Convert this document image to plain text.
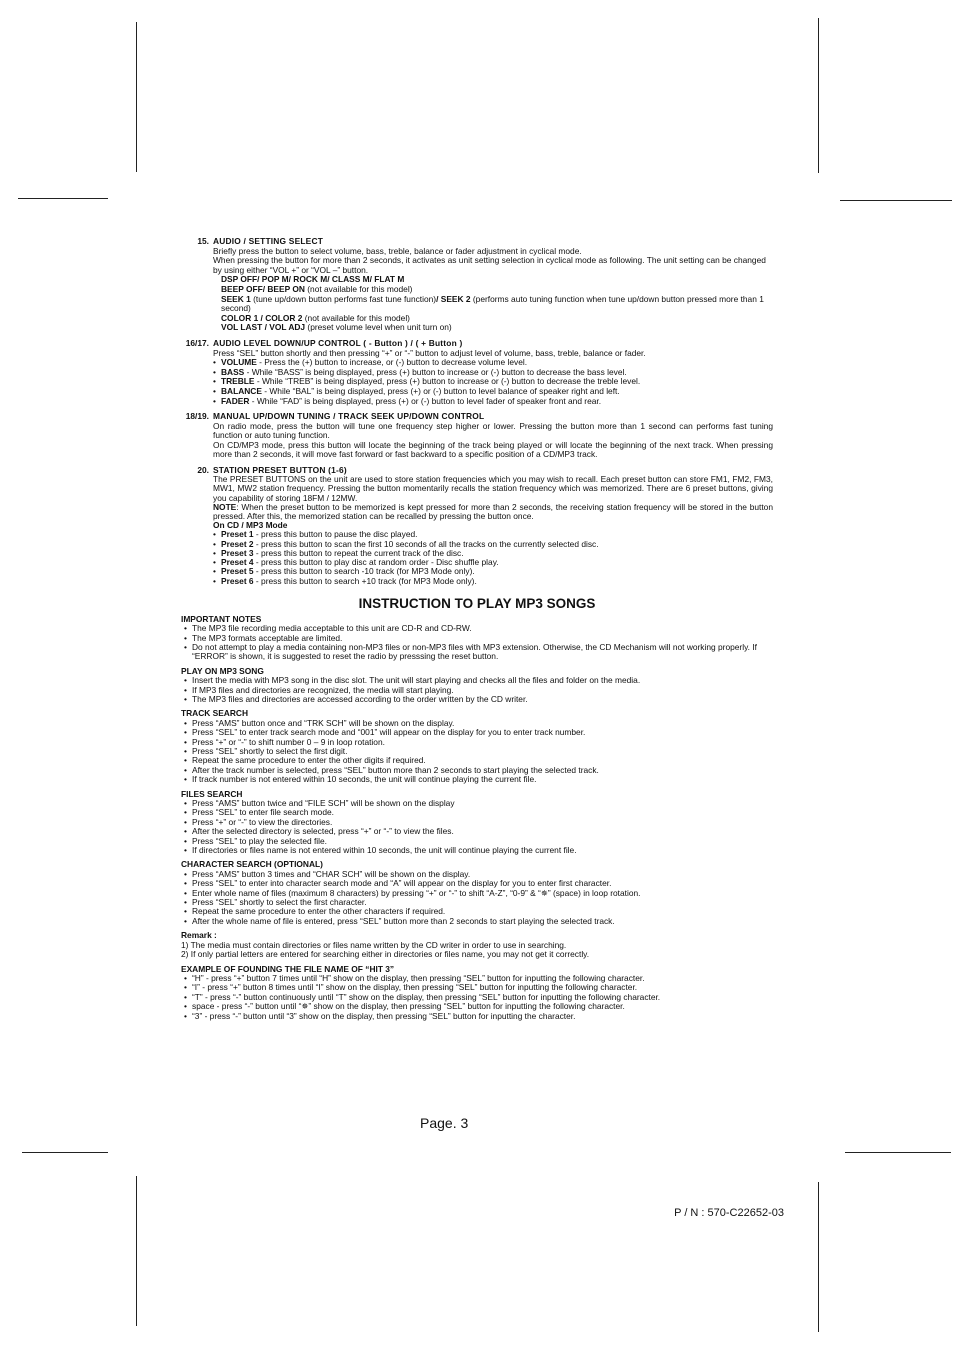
15. AUDIO / SETTING SELECT

Briefly press the button to select volume, bass, treble, balance or fader adjustment in cyclical mode.

When pressing the button for more than 2 seconds, it activates as unit setting selection in cyclical mode as following. The unit setting can be changed by using either “VOL +” or “VOL –” button.

DSP OFF/ POP M/ ROCK M/ CLASS M/ FLAT M

BEEP OFF/ BEEP ON (not available for this model)

SEEK 1 (tune up/down button performs fast tune function)/ SEEK 2 (performs auto tuning function when tune up/down button pressed more than 1 second)

COLOR 1 / COLOR 2 (not available for this model)

VOL LAST / VOL ADJ (preset volume level when unit turn on)

16/17. AUDIO LEVEL DOWN/UP CONTROL ( - Button ) / ( + Button )

Press “SEL” button shortly and then pressing “+” or “-” button to adjust level of volume, bass, treble, balance or fader.

• VOLUME - Press the (+) button to increase, or (-) button to decrease volume level.

• BASS - While “BASS” is being displayed, press (+) button to increase or (-) button to decrease the bass level.

• TREBLE - While “TREB” is being displayed, press (+) button to increase or (-) button to decrease the treble level.

• BALANCE - While “BAL” is being displayed, press (+) or (-) button to level balance of speaker right and left.

• FADER - While “FAD” is being displayed, press (+) or (-) button to level fader of speaker front and rear.

18/19. MANUAL UP/DOWN TUNING / TRACK SEEK UP/DOWN CONTROL

On radio mode, press the button will tune one frequency step higher or lower. Pressing the button more than 1 second can performs fast tuning function or auto tuning function.

On CD/MP3 mode, press this button will locate the beginning of the track being played or will locate the beginning of the next track. When pressing more than 2 seconds, it will move fast forward or fast backward to a specific position of a CD/MP3 track.

20. STATION PRESET BUTTON (1-6)

The PRESET BUTTONS on the unit are used to store station frequencies which you may wish to recall. Each preset button can store FM1, FM2, FM3, MW1, MW2 station frequency. Pressing the button momentarily recalls the station frequency which was memorized. There are 6 preset buttons, giving you capability of storing 18FM / 12MW.

NOTE: When the preset button to be memorized is kept pressed for more than 2 seconds, the receiving station frequency will be stored in the button pressed. After this, the memorized station can be recalled by pressing the button once.

On CD / MP3 Mode

• Preset 1 - press this button to pause the disc played.

• Preset 2 - press this button to scan the first 10 seconds of all the tracks on the currently selected disc.

• Preset 3 - press this button to repeat the current track of the disc.

• Preset 4 - press this button to play disc at random order - Disc shuffle play.

• Preset 5 - press this button to search -10 track (for MP3 Mode only).

• Preset 6 - press this button to search +10 track (for MP3 Mode only).

INSTRUCTION TO PLAY MP3 SONGS
IMPORTANT NOTES
• The MP3 file recording media acceptable to this unit are CD-R and CD-RW.
• The MP3 formats acceptable are limited.
• Do not attempt to play a media containing non-MP3 files or non-MP3 files with MP3 extension. Otherwise, the CD Mechanism will not working properly. If “ERROR” is shown, it is suggested to reset the radio by presssing the reset button.
PLAY ON MP3 SONG
• Insert the media with MP3 song in the disc slot. The unit will start playing and checks all the files and folder on the media.
• If MP3 files and directories are recognized, the media will start playing.
• The MP3 files and directories are accessed according to the order written by the CD writer.
TRACK SEARCH
• Press “AMS” button once and “TRK SCH” will be shown on the display.
• Press “SEL” to enter track search mode and “001” will appear on the display for you to enter track number.
• Press “+” or “-” to shift number 0 – 9 in loop rotation.
• Press “SEL” shortly to select the first digit.
• Repeat the same procedure to enter the other digits if required.
• After the track number is selected, press “SEL” button more than 2 seconds to start playing the selected track.
• If track number is not entered within 10 seconds, the unit will continue playing the current file.
FILES SEARCH
• Press “AMS” button twice and “FILE SCH” will be shown on the display
• Press “SEL” to enter file search mode.
• Press “+” or “-” to view the directories.
• After the selected directory is selected, press “+” or “-” to view the files.
• Press “SEL” to play the selected file.
• If directories or files name is not entered within 10 seconds, the unit will continue playing the current file.
CHARACTER SEARCH (OPTIONAL)
• Press “AMS” button 3 times and “CHAR SCH” will be shown on the display.
• Press “SEL” to enter into character search mode and “A” will appear on the display for you to enter first character.
• Enter whole name of files (maximum 8 characters) by pressing “+” or “-” to shift “A-Z”, “0-9” & “✵” (space) in loop rotation.
• Press “SEL” shortly to select the first character.
• Repeat the same procedure to enter the other characters if required.
• After the whole name of file is entered, press “SEL” button more than 2 seconds to start playing the selected track.
Remark :
1) The media must contain directories or files name written by the CD writer in order to use in searching.
2) If only partial letters are entered for searching either in directories or files name, you may not get it correctly.
EXAMPLE OF FOUNDING THE FILE NAME OF “HIT 3”
• “H” - press “+” button 7 times until “H” show on the display, then pressing “SEL” button for inputting the following character.
• “I” - press “+” button 8 times until “I” show on the display, then pressing “SEL” button for inputting the following character.
• “T” - press “-” button continuously until “T” show on the display, then pressing “SEL” button for inputting the following character.
• space - press “-” button until “✵” show on the display, then pressing “SEL” button for inputting the following character.
• “3” - press “-” button until “3” show on the display, then pressing “SEL” button for inputting the character.
Page. 3
P / N : 570-C22652-03
